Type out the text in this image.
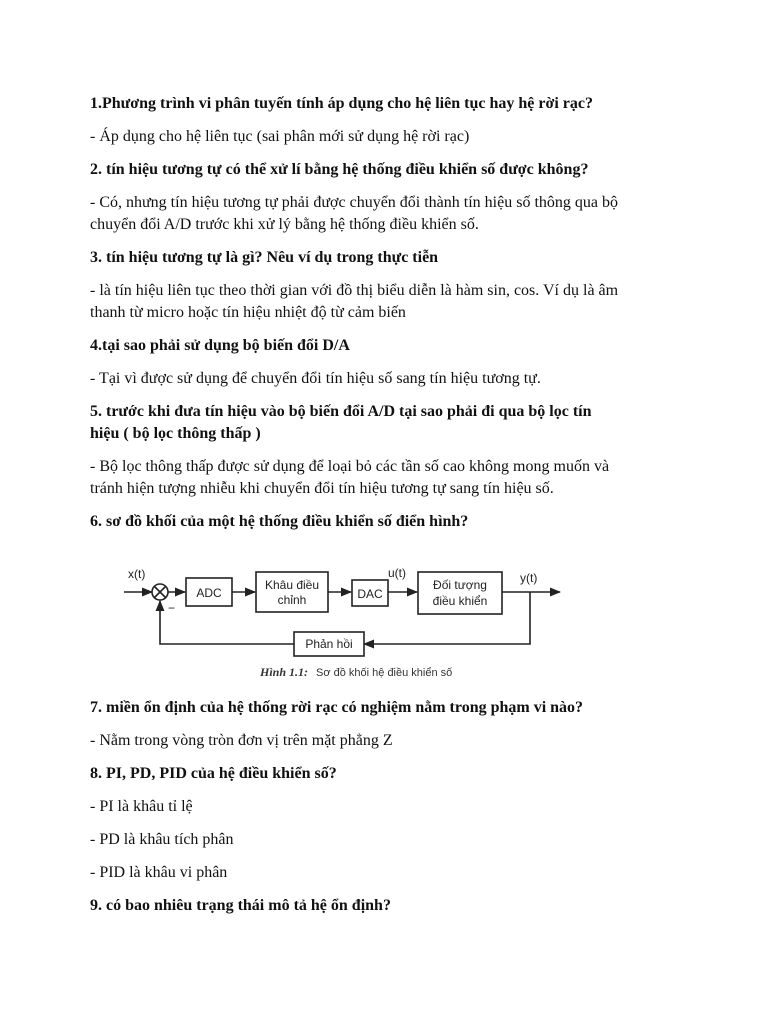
1.Phương trình vi phân tuyến tính áp dụng cho hệ liên tục hay hệ rời rạc?
- Áp dụng cho hệ liên tục (sai phân mới sử dụng hệ rời rạc)
2. tín hiệu tương tự có thể xử lí bằng hệ thống điều khiển số được không?
- Có, nhưng tín hiệu tương tự phải được chuyển đổi thành tín hiệu số thông qua bộ
chuyển đổi A/D trước khi xử lý bằng hệ thống điều khiển số.
3. tín hiệu tương tự là gì? Nêu ví dụ trong thực tiễn
- là tín hiệu liên tục theo thời gian với đồ thị biểu diễn là hàm sin, cos. Ví dụ là âm
thanh từ micro hoặc tín hiệu nhiệt độ từ cảm biến
4.tại sao phải sử dụng bộ biến đổi D/A
- Tại vì được sử dụng để chuyển đổi tín hiệu số sang tín hiệu tương tự.
5. trước khi đưa tín hiệu vào bộ biến đổi A/D tại sao phải đi qua bộ lọc tín
hiệu ( bộ lọc thông thấp )
- Bộ lọc thông thấp được sử dụng để loại bỏ các tần số cao không mong muốn và
tránh hiện tượng nhiễu khi chuyển đổi tín hiệu tương tự sang tín hiệu số.
6. sơ đồ khối của một hệ thống điều khiển số điển hình?
x(t)
−
ADC
Khâu điều
chỉnh	DAC
u(t)
Đối tượng
điều khiển
y(t)
Phản hồi
Hình 1.1: Sơ đồ khối hệ điều khiển số
7. miền ổn định của hệ thống rời rạc có nghiệm nằm trong phạm vi nào?
- Nằm trong vòng tròn đơn vị trên mặt phẳng Z
8. PI, PD, PID của hệ điều khiển số?
- PI là khâu tỉ lệ
- PD là khâu tích phân
- PID là khâu vi phân
9. có bao nhiêu trạng thái mô tả hệ ổn định?
